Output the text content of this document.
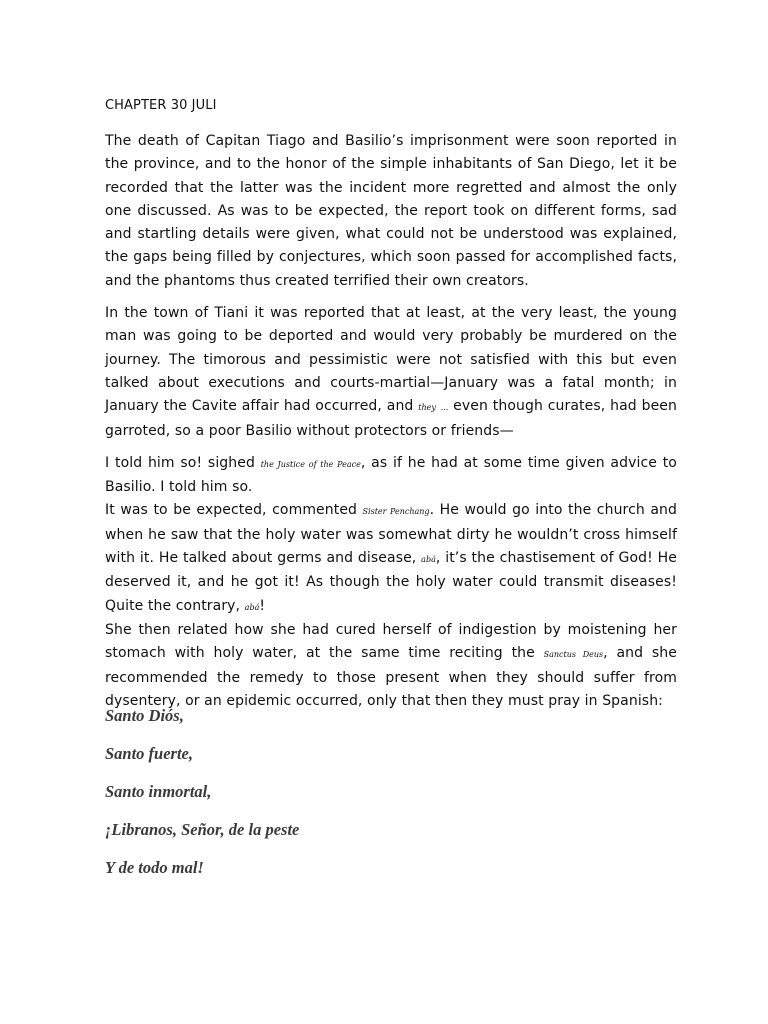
CHAPTER 30 JULI

The death of Capitan Tiago and Basilio’s imprisonment were soon reported in the province, and to the honor of the simple inhabitants of San Diego, let it be recorded that the latter was the incident more regretted and almost the only one discussed. As was to be expected, the report took on different forms, sad and startling details were given, what could not be understood was explained, the gaps being filled by conjectures, which soon passed for accomplished facts, and the phantoms thus created terrified their own creators.

In the town of Tiani it was reported that at least, at the very least, the young man was going to be deported and would very probably be murdered on the journey. The timorous and pessimistic were not satisfied with this but even talked about executions and courts-martial—January was a fatal month; in January the Cavite affair had occurred, and they ... even though curates, had been garroted, so a poor Basilio without protectors or friends—

I told him so! sighed the Justice of the Peace, as if he had at some time given advice to Basilio. I told him so.

It was to be expected, commented Sister Penchang. He would go into the church and when he saw that the holy water was somewhat dirty he wouldn’t cross himself with it. He talked about germs and disease, abá, it’s the chastisement of God! He deserved it, and he got it! As though the holy water could transmit diseases! Quite the contrary, abá!

She then related how she had cured herself of indigestion by moistening her stomach with holy water, at the same time reciting the Sanctus Deus, and she recommended the remedy to those present when they should suffer from dysentery, or an epidemic occurred, only that then they must pray in Spanish:

Santo Diós,
Santo fuerte,
Santo inmortal,
¡Libranos, Señor, de la peste
Y de todo mal!
